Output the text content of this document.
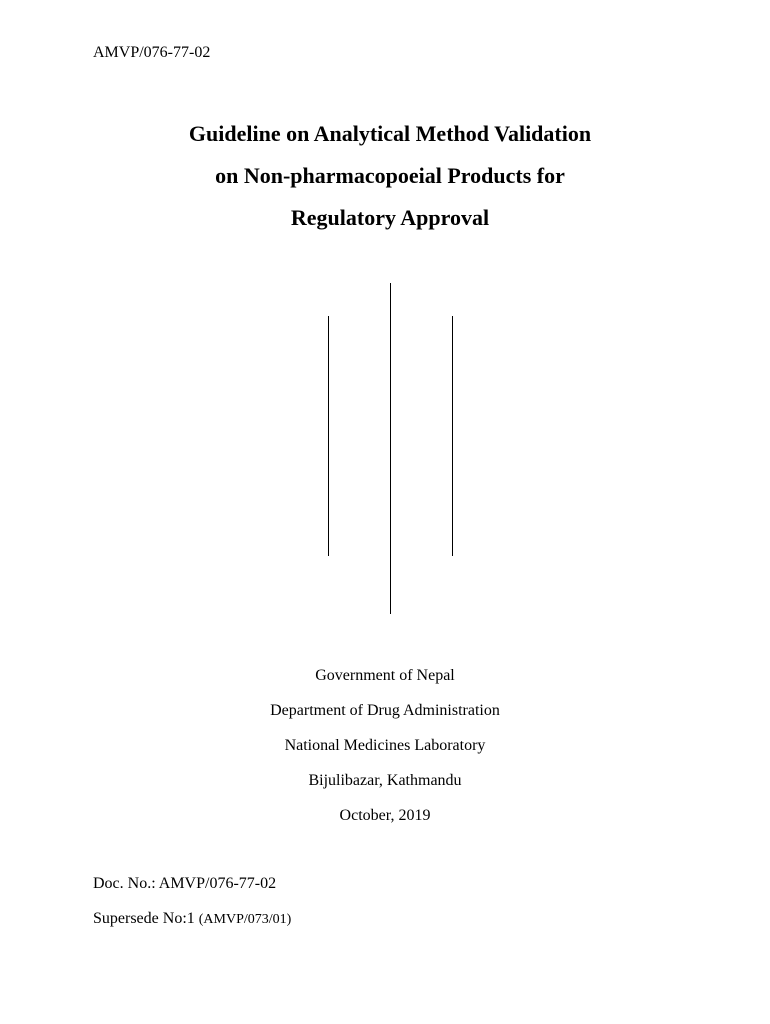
AMVP/076-77-02
Guideline on Analytical Method Validation
on Non-pharmacopoeial Products for
Regulatory Approval
Government of Nepal
Department of Drug Administration
National Medicines Laboratory
Bijulibazar, Kathmandu
October, 2019
Doc. No.: AMVP/076-77-02
Supersede No:1 (AMVP/073/01)
